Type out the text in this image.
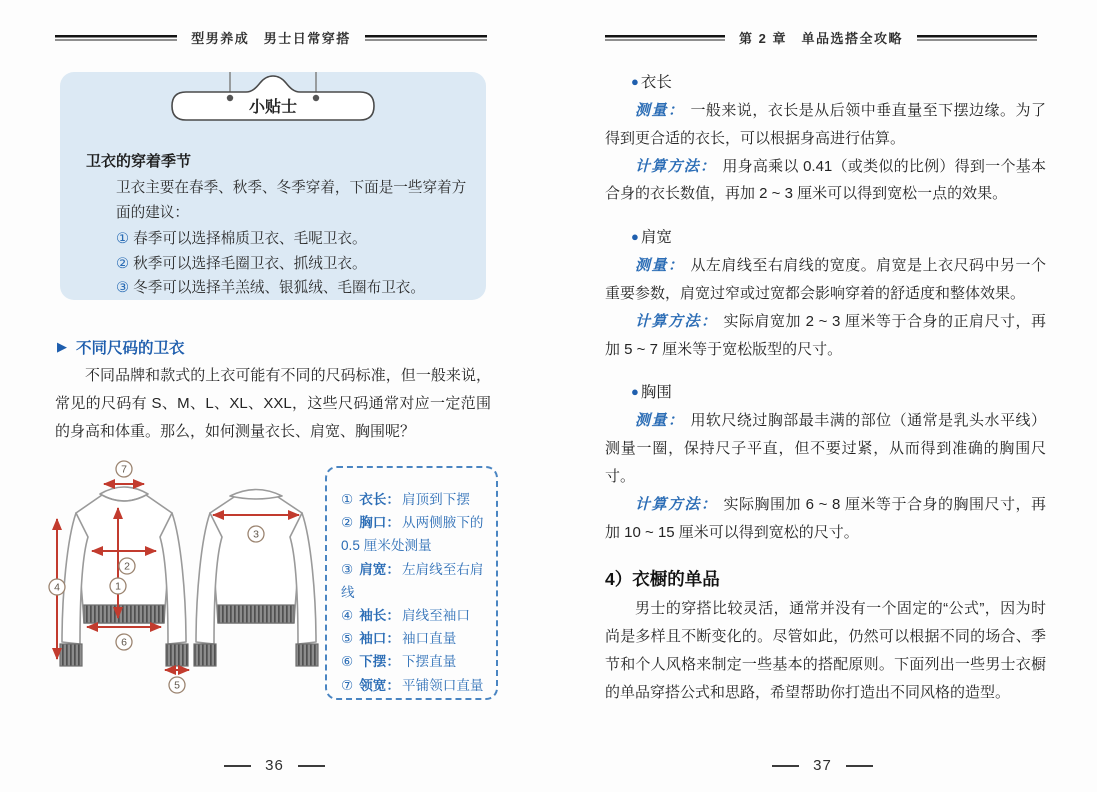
型男养成　男士日常穿搭
小贴士
卫衣的穿着季节
卫衣主要在春季、秋季、冬季穿着，下面是一些穿着方面的建议：
① 春季可以选择棉质卫衣、毛呢卫衣。
② 秋季可以选择毛圈卫衣、抓绒卫衣。
③ 冬季可以选择羊羔绒、银狐绒、毛圈布卫衣。
▶ 不同尺码的卫衣
不同品牌和款式的上衣可能有不同的尺码标准，但一般来说，常见的尺码有 S、M、L、XL、XXL，这些尺码通常对应一定范围的身高和体重。那么，如何测量衣长、肩宽、胸围呢？
7
2
1
4
6
5
3
① 衣长： 肩顶到下摆
② 胸口： 从两侧腋下的 0.5 厘米处测量
③ 肩宽： 左肩线至右肩线
④ 袖长： 肩线至袖口
⑤ 袖口： 袖口直量
⑥ 下摆： 下摆直量
⑦ 领宽： 平铺领口直量
36
第 2 章　单品选搭全攻略
● 衣长

测量： 一般来说，衣长是从后领中垂直量至下摆边缘。为了得到更合适的衣长，可以根据身高进行估算。

计算方法： 用身高乘以 0.41（或类似的比例）得到一个基本合身的衣长数值，再加 2 ~ 3 厘米可以得到宽松一点的效果。

● 肩宽

测量： 从左肩线至右肩线的宽度。肩宽是上衣尺码中另一个重要参数，肩宽过窄或过宽都会影响穿着的舒适度和整体效果。

计算方法： 实际肩宽加 2 ~ 3 厘米等于合身的正肩尺寸，再加 5 ~ 7 厘米等于宽松版型的尺寸。

● 胸围

测量： 用软尺绕过胸部最丰满的部位（通常是乳头水平线）测量一圈，保持尺子平直，但不要过紧，从而得到准确的胸围尺寸。

计算方法： 实际胸围加 6 ~ 8 厘米等于合身的胸围尺寸，再加 10 ~ 15 厘米可以得到宽松的尺寸。

4）衣橱的单品

男士的穿搭比较灵活，通常并没有一个固定的“公式”，因为时尚是多样且不断变化的。尽管如此，仍然可以根据不同的场合、季节和个人风格来制定一些基本的搭配原则。下面列出一些男士衣橱的单品穿搭公式和思路，希望帮助你打造出不同风格的造型。

37
